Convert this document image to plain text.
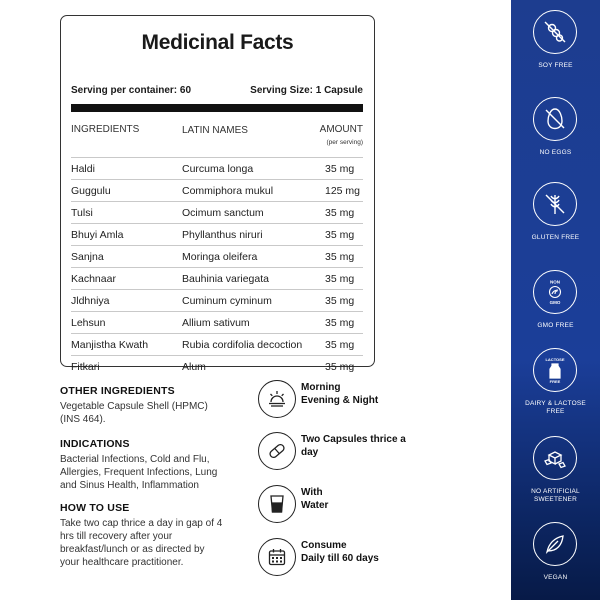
Medicinal Facts
Serving per container: 60	Serving Size: 1 Capsule
INGREDIENTS	LATIN NAMES	AMOUNT
(per serving)
Haldi	Curcuma longa	35 mg
Guggulu	Commiphora mukul	125 mg
Tulsi	Ocimum sanctum	35 mg
Bhuyi Amla	Phyllanthus niruri	35 mg
Sanjna	Moringa oleifera	35 mg
Kachnaar	Bauhinia variegata	35 mg
Jldhniya	Cuminum cyminum	35 mg
Lehsun	Allium sativum	35 mg
Manjistha Kwath	Rubia cordifolia decoction 35 mg
Fitkari	Alum	35 mg
OTHER INGREDIENTS
Vegetable Capsule Shell (HPMC)
(INS 464).
INDICATIONS
Bacterial Infections, Cold and Flu,
Allergies, Frequent Infections, Lung
and Sinus Health, Inflammation
HOW TO USE
Take two cap thrice a day in gap of 4
hrs till recovery after your
breakfast/lunch or as directed by
your healthcare practitioner.
Morning
Evening & Night
Two Capsules thrice a
day
With
Water
Consume
Daily till 60 days
SOY FREE
NO EGGS
GLUTEN FREE
NON
GMO
GMO FREE
LACTOSE
FREE
DAIRY & LACTOSE
FREE
NO ARTIFICIAL
SWEETENER
VEGAN
